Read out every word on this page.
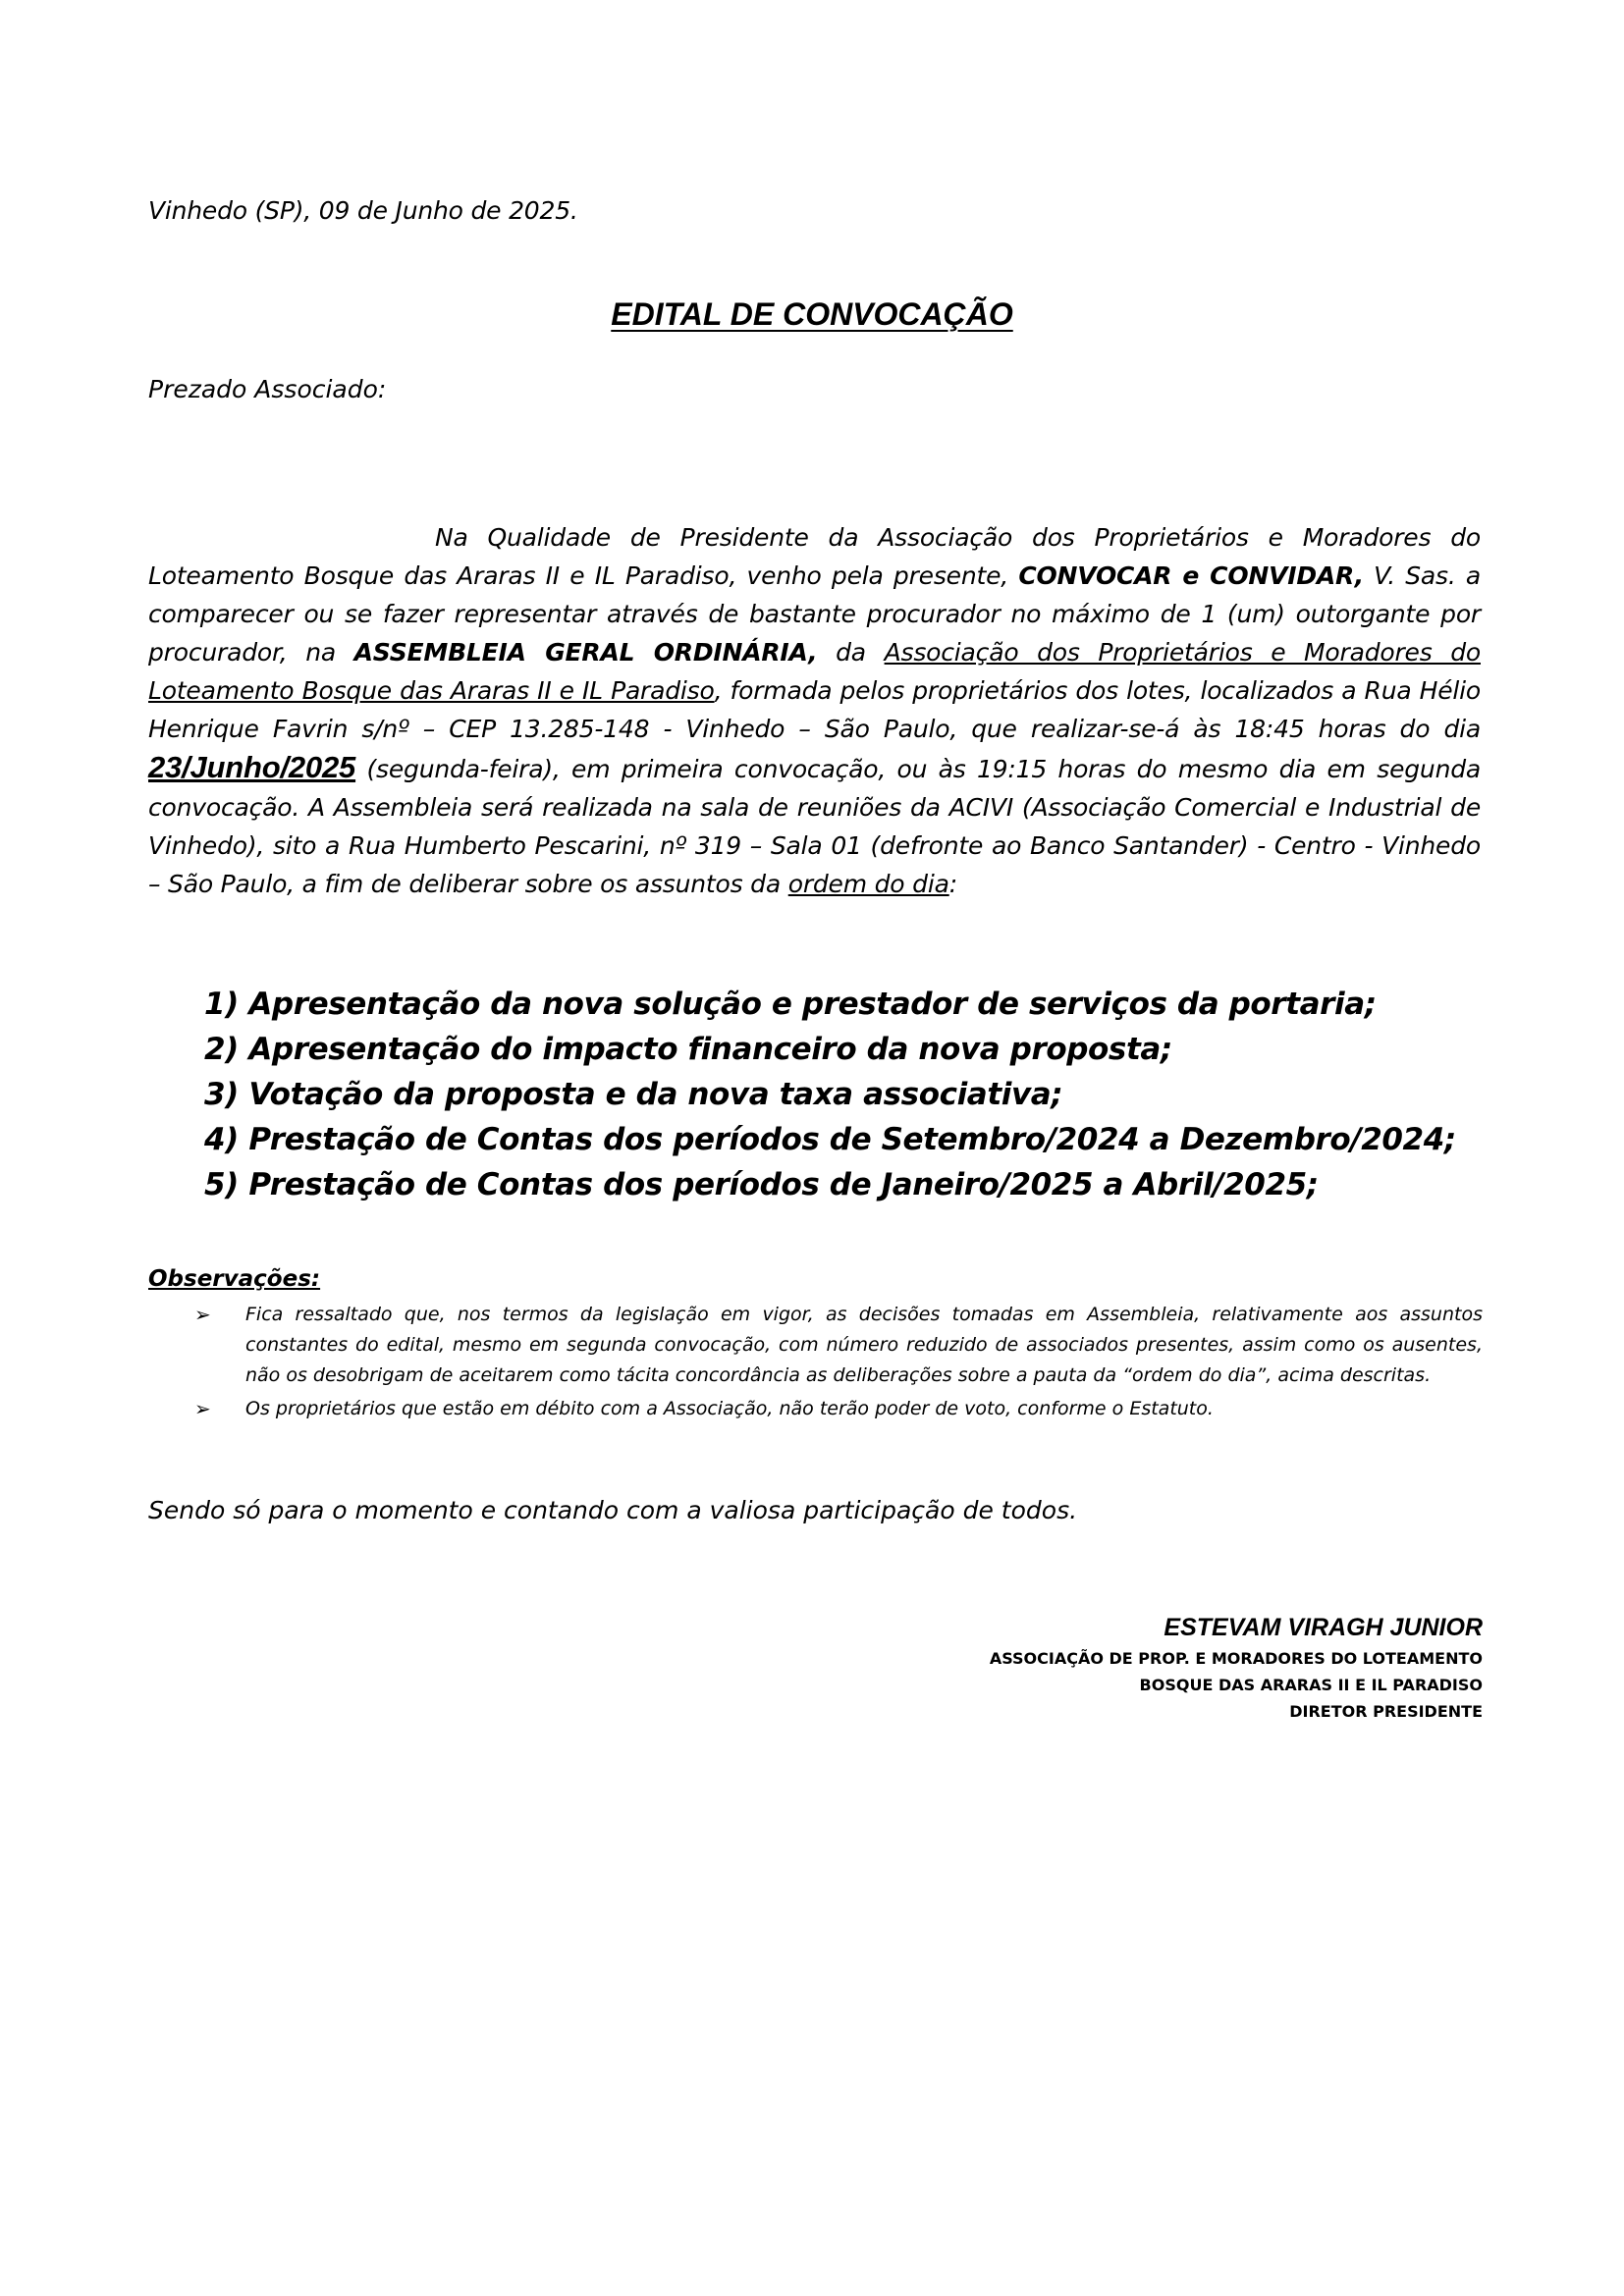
Vinhedo (SP), 09 de Junho de 2025.
EDITAL DE CONVOCAÇÃO
Prezado Associado:

Na Qualidade de Presidente da Associação dos Proprietários e Moradores do Loteamento Bosque das Araras II e IL Paradiso, venho pela presente, CONVOCAR e CONVIDAR, V. Sas. a comparecer ou se fazer representar através de bastante procurador no máximo de 1 (um) outorgante por procurador, na ASSEMBLEIA GERAL ORDINÁRIA, da Associação dos Proprietários e Moradores do Loteamento Bosque das Araras II e IL Paradiso, formada pelos proprietários dos lotes, localizados a Rua Hélio Henrique Favrin s/nº – CEP 13.285-148 - Vinhedo – São Paulo, que realizar-se-á às 18:45 horas do dia 23/Junho/2025 (segunda-feira), em primeira convocação, ou às 19:15 horas do mesmo dia em segunda convocação. A Assembleia será realizada na sala de reuniões da ACIVI (Associação Comercial e Industrial de Vinhedo), sito a Rua Humberto Pescarini, nº 319 – Sala 01 (defronte ao Banco Santander) - Centro - Vinhedo – São Paulo, a fim de deliberar sobre os assuntos da ordem do dia:

1) Apresentação da nova solução e prestador de serviços da portaria;
2) Apresentação do impacto financeiro da nova proposta;
3) Votação da proposta e da nova taxa associativa;
4) Prestação de Contas dos períodos de Setembro/2024 a Dezembro/2024;
5) Prestação de Contas dos períodos de Janeiro/2025 a Abril/2025;
Observações:
➢ Fica ressaltado que, nos termos da legislação em vigor, as decisões tomadas em Assembleia, relativamente aos assuntos constantes do edital, mesmo em segunda convocação, com número reduzido de associados presentes, assim como os ausentes, não os desobrigam de aceitarem como tácita concordância as deliberações sobre a pauta da “ordem do dia”, acima descritas.
➢ Os proprietários que estão em débito com a Associação, não terão poder de voto, conforme o Estatuto.
Sendo só para o momento e contando com a valiosa participação de todos.
ESTEVAM VIRAGH JUNIOR
ASSOCIAÇÃO DE PROP. E MORADORES DO LOTEAMENTO
BOSQUE DAS ARARAS II E IL PARADISO
DIRETOR PRESIDENTE
